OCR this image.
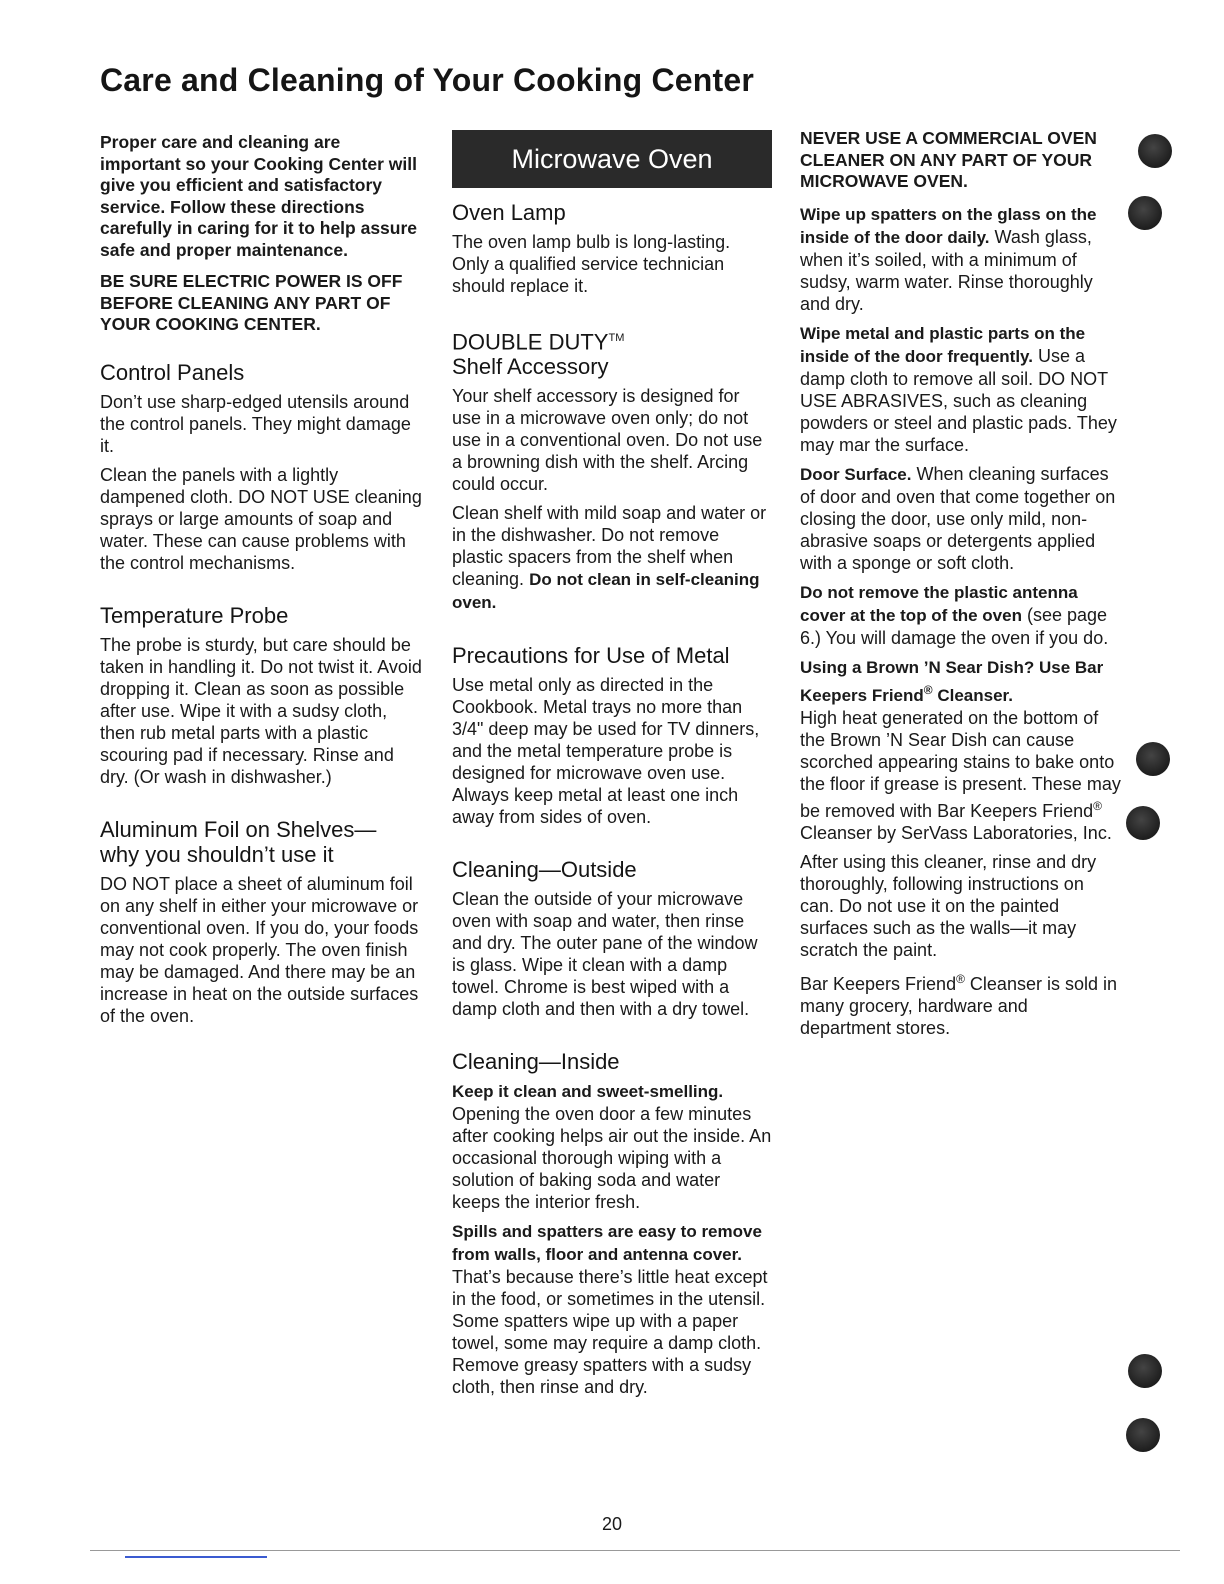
Care and Cleaning of Your Cooking Center

Proper care and cleaning are important so your Cooking Center will give you efficient and satisfactory service. Follow these directions carefully in caring for it to help assure safe and proper maintenance.

BE SURE ELECTRIC POWER IS OFF BEFORE CLEANING ANY PART OF YOUR COOKING CENTER.

Control Panels

Don’t use sharp-edged utensils around the control panels. They might damage it.

Clean the panels with a lightly dampened cloth. DO NOT USE cleaning sprays or large amounts of soap and water. These can cause problems with the control mechanisms.

Temperature Probe

The probe is sturdy, but care should be taken in handling it. Do not twist it. Avoid dropping it. Clean as soon as possible after use. Wipe it with a sudsy cloth, then rub metal parts with a plastic scouring pad if necessary. Rinse and dry. (Or wash in dishwasher.)

Aluminum Foil on Shelves—
why you shouldn’t use it

DO NOT place a sheet of aluminum foil on any shelf in either your microwave or conventional oven. If you do, your foods may not cook properly. The oven finish may be damaged. And there may be an increase in heat on the outside surfaces of the oven.

Microwave Oven
Oven Lamp

The oven lamp bulb is long-lasting. Only a qualified service technician should replace it.

DOUBLE DUTY™
Shelf Accessory

Your shelf accessory is designed for use in a microwave oven only; do not use in a conventional oven. Do not use a browning dish with the shelf. Arcing could occur.

Clean shelf with mild soap and water or in the dishwasher. Do not remove plastic spacers from the shelf when cleaning. Do not clean in self-cleaning oven.

Precautions for Use of Metal

Use metal only as directed in the Cookbook. Metal trays no more than 3/4" deep may be used for TV dinners, and the metal temperature probe is designed for microwave oven use. Always keep metal at least one inch away from sides of oven.

Cleaning—Outside

Clean the outside of your microwave oven with soap and water, then rinse and dry. The outer pane of the window is glass. Wipe it clean with a damp towel. Chrome is best wiped with a damp cloth and then with a dry towel.

Cleaning—Inside

Keep it clean and sweet-smelling. Opening the oven door a few minutes after cooking helps air out the inside. An occasional thorough wiping with a solution of baking soda and water keeps the interior fresh.

Spills and spatters are easy to remove from walls, floor and antenna cover. That’s because there’s little heat except in the food, or sometimes in the utensil. Some spatters wipe up with a paper towel, some may require a damp cloth. Remove greasy spatters with a sudsy cloth, then rinse and dry.

NEVER USE A COMMERCIAL OVEN CLEANER ON ANY PART OF YOUR MICROWAVE OVEN.

Wipe up spatters on the glass on the inside of the door daily. Wash glass, when it’s soiled, with a minimum of sudsy, warm water. Rinse thoroughly and dry.

Wipe metal and plastic parts on the inside of the door frequently. Use a damp cloth to remove all soil. DO NOT USE ABRASIVES, such as cleaning powders or steel and plastic pads. They may mar the surface.

Door Surface. When cleaning surfaces of door and oven that come together on closing the door, use only mild, non-abrasive soaps or detergents applied with a sponge or soft cloth.

Do not remove the plastic antenna cover at the top of the oven (see page 6.) You will damage the oven if you do.

Using a Brown ’N Sear Dish? Use Bar Keepers Friend® Cleanser.
High heat generated on the bottom of the Brown ’N Sear Dish can cause scorched appearing stains to bake onto the floor if grease is present. These may be removed with Bar Keepers Friend® Cleanser by SerVass Laboratories, Inc.

After using this cleaner, rinse and dry thoroughly, following instructions on can. Do not use it on the painted surfaces such as the walls—it may scratch the paint.

Bar Keepers Friend® Cleanser is sold in many grocery, hardware and department stores.

20
